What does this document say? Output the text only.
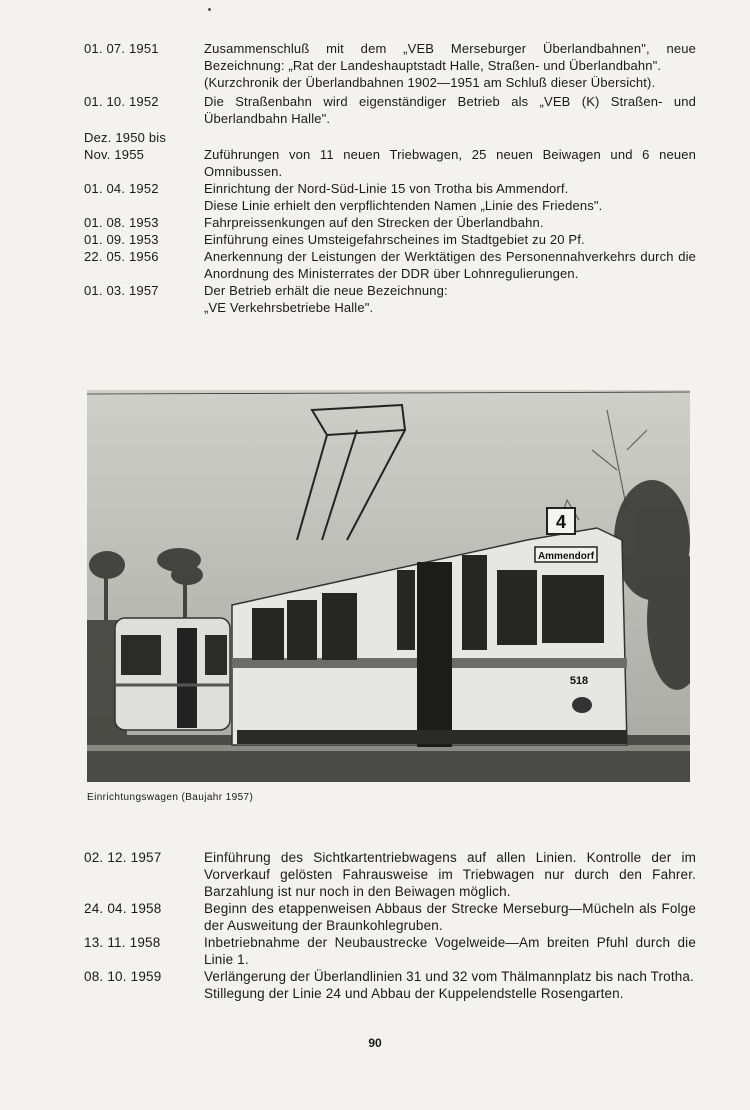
01. 07. 1951	Zusammenschluß mit dem „VEB Merseburger Überlandbahnen", neue Bezeichnung: „Rat der Landeshauptstadt Halle, Straßen- und Überlandbahn".
(Kurzchronik der Überlandbahnen 1902—1951 am Schluß dieser Übersicht).
01. 10. 1952	Die Straßenbahn wird eigenständiger Betrieb als „VEB (K) Straßen- und Überlandbahn Halle".
Dez. 1950 bis
Nov. 1955	Zuführungen von 11 neuen Triebwagen, 25 neuen Beiwagen und 6 neuen Omnibussen.
01. 04. 1952	Einrichtung der Nord-Süd-Linie 15 von Trotha bis Ammendorf.
Diese Linie erhielt den verpflichtenden Namen „Linie des Friedens".
01. 08. 1953	Fahrpreissenkungen auf den Strecken der Überlandbahn.
01. 09. 1953	Einführung eines Umsteigefahrscheines im Stadtgebiet zu 20 Pf.
22. 05. 1956	Anerkennung der Leistungen der Werktätigen des Personennahverkehrs durch die Anordnung des Ministerrates der DDR über Lohnregulierungen.
01. 03. 1957	Der Betrieb erhält die neue Bezeichnung:
„VE Verkehrsbetriebe Halle".
Ammendorf
4
518
Einrichtungswagen (Baujahr 1957)
02. 12. 1957	Einführung des Sichtkartentriebwagens auf allen Linien. Kontrolle der im Vorverkauf gelösten Fahrausweise im Triebwagen nur durch den Fahrer. Barzahlung ist nur noch in den Beiwagen möglich.
24. 04. 1958	Beginn des etappenweisen Abbaus der Strecke Merseburg—Mücheln als Folge der Ausweitung der Braunkohlegruben.
13. 11. 1958	Inbetriebnahme der Neubaustrecke Vogelweide—Am breiten Pfuhl durch die Linie 1.
08. 10. 1959	Verlängerung der Überlandlinien 31 und 32 vom Thälmannplatz bis nach Trotha.
Stillegung der Linie 24 und Abbau der Kuppelendstelle Rosengarten.
90
